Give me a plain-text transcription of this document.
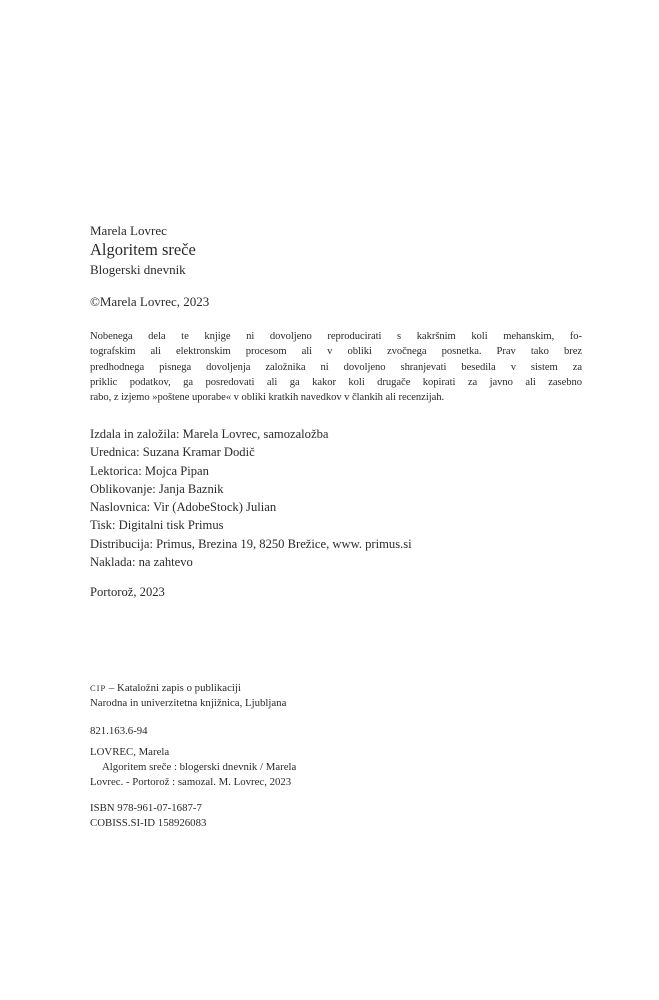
Marela Lovrec
Algoritem sreče
Blogerski dnevnik
©Marela Lovrec, 2023
Nobenega dela te knjige ni dovoljeno reproducirati s kakršnim koli mehanskim, fo-
tografskim ali elektronskim procesom ali v obliki zvočnega posnetka. Prav tako brez
predhodnega pisnega dovoljenja založnika ni dovoljeno shranjevati besedila v sistem za
priklic podatkov, ga posredovati ali ga kakor koli drugače kopirati za javno ali zasebno
rabo, z izjemo »poštene uporabe« v obliki kratkih navedkov v člankih ali recenzijah.
Izdala in založila: Marela Lovrec, samozaložba
Urednica: Suzana Kramar Dodič
Lektorica: Mojca Pipan
Oblikovanje: Janja Baznik
Naslovnica: Vir (AdobeStock) Julian
Tisk: Digitalni tisk Primus
Distribucija: Primus, Brezina 19, 8250 Brežice, www. primus.si
Naklada: na zahtevo
Portorož, 2023
CIP – Kataložni zapis o publikaciji
Narodna in univerzitetna knjižnica, Ljubljana
821.163.6-94
LOVREC, Marela
Algoritem sreče : blogerski dnevnik / Marela
Lovrec. - Portorož : samozal. M. Lovrec, 2023
ISBN 978-961-07-1687-7
COBISS.SI-ID 158926083
